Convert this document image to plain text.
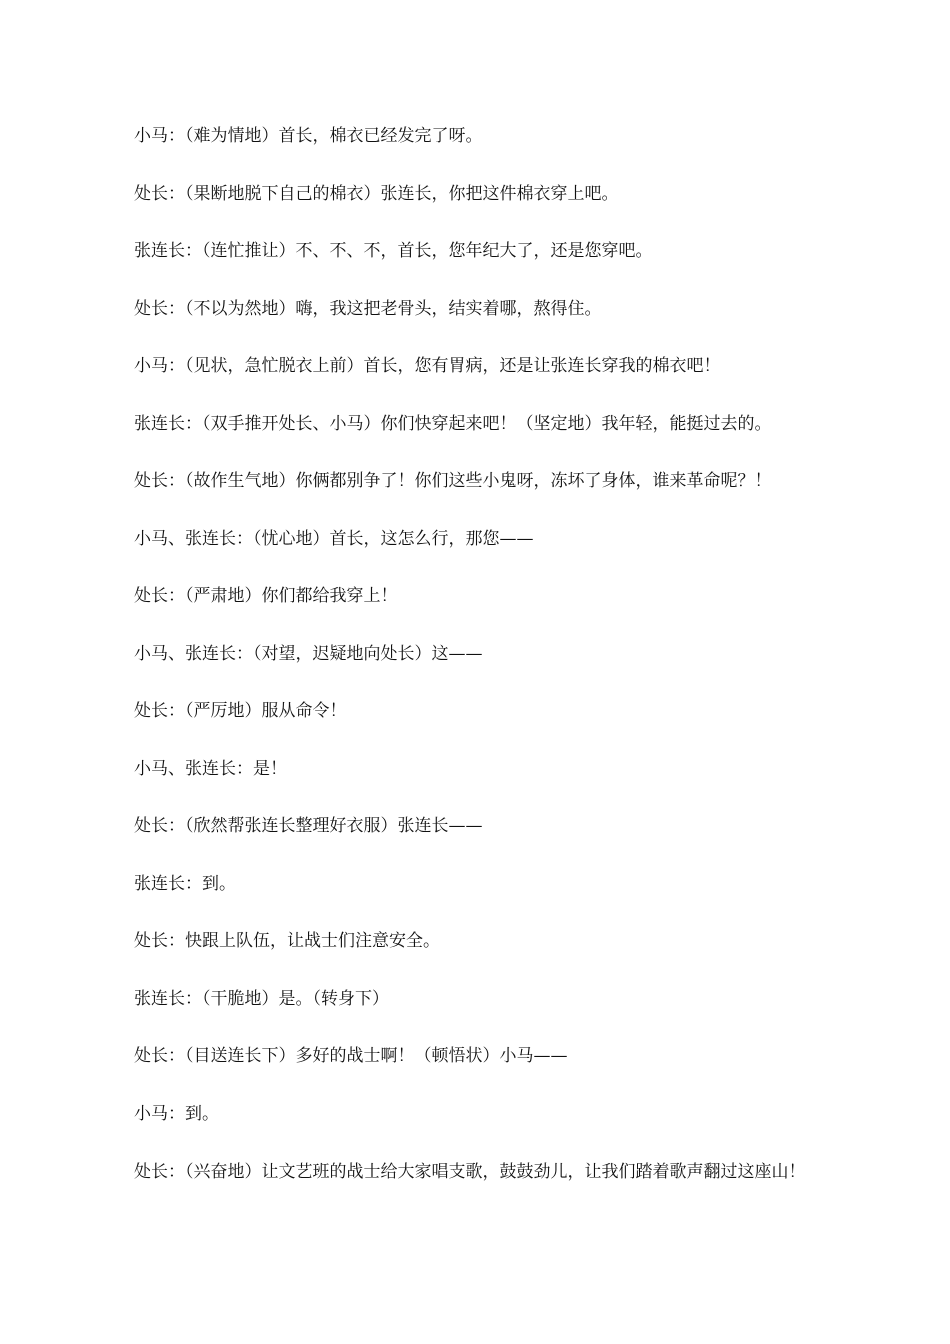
小马：（难为情地）首长，棉衣已经发完了呀。

处长：（果断地脱下自己的棉衣）张连长，你把这件棉衣穿上吧。

张连长：（连忙推让）不、不、不，首长，您年纪大了，还是您穿吧。

处长：（不以为然地）嗨，我这把老骨头，结实着哪，熬得住。

小马：（见状，急忙脱衣上前）首长，您有胃病，还是让张连长穿我的棉衣吧！

张连长：（双手推开处长、小马）你们快穿起来吧！（坚定地）我年轻，能挺过去的。

处长：（故作生气地）你俩都别争了！你们这些小鬼呀，冻坏了身体，谁来革命呢？！

小马、张连长：（忧心地）首长，这怎么行，那您——

处长：（严肃地）你们都给我穿上！

小马、张连长：（对望，迟疑地向处长）这——

处长：（严厉地）服从命令！

小马、张连长：是！

处长：（欣然帮张连长整理好衣服）张连长——

张连长：到。

处长：快跟上队伍，让战士们注意安全。

张连长：（干脆地）是。（转身下）

处长：（目送连长下）多好的战士啊！（顿悟状）小马——

小马：到。

处长：（兴奋地）让文艺班的战士给大家唱支歌，鼓鼓劲儿，让我们踏着歌声翻过这座山！
